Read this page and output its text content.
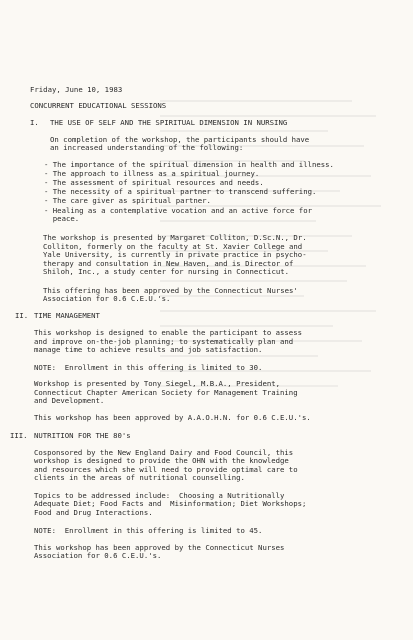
Friday, June 10, 1983
CONCURRENT EDUCATIONAL SESSIONS
I. THE USE OF SELF AND THE SPIRITUAL DIMENSION IN NURSING
On completion of the workshop, the participants should have
an increased understanding of the following:
- The importance of the spiritual dimension in health and illness.
- The approach to illness as a spiritual journey.
- The assessment of spiritual resources and needs.
- The necessity of a spiritual partner to transcend suffering.
- The care giver as spiritual partner.
- Healing as a contemplative vocation and an active force for
peace.
The workshop is presented by Margaret Colliton, D.Sc.N., Dr.
Colliton, formerly on the faculty at St. Xavier College and
Yale University, is currently in private practice in psycho-
therapy and consultation in New Haven, and is Director of
Shiloh, Inc., a study center for nursing in Connecticut.
This offering has been approved by the Connecticut Nurses'
Association for 0.6 C.E.U.'s.
II. TIME MANAGEMENT
This workshop is designed to enable the participant to assess
and improve on-the-job planning; to systematically plan and
manage time to achieve results and job satisfaction.
NOTE:  Enrollment in this offering is limited to 30.
Workshop is presented by Tony Siegel, M.B.A., President,
Connecticut Chapter American Society for Management Training
and Development.
This workshop has been approved by A.A.O.H.N. for 0.6 C.E.U.'s.
III. NUTRITION FOR THE 80's
Cosponsored by the New England Dairy and Food Council, this
workshop is designed to provide the OHN with the knowledge
and resources which she will need to provide optimal care to
clients in the areas of nutritional counselling.
Topics to be addressed include:  Choosing a Nutritionally
Adequate Diet; Food Facts and  Misinformation; Diet Workshops;
Food and Drug Interactions.
NOTE:  Enrollment in this offering is limited to 45.
This workshop has been approved by the Connecticut Nurses
Association for 0.6 C.E.U.'s.
